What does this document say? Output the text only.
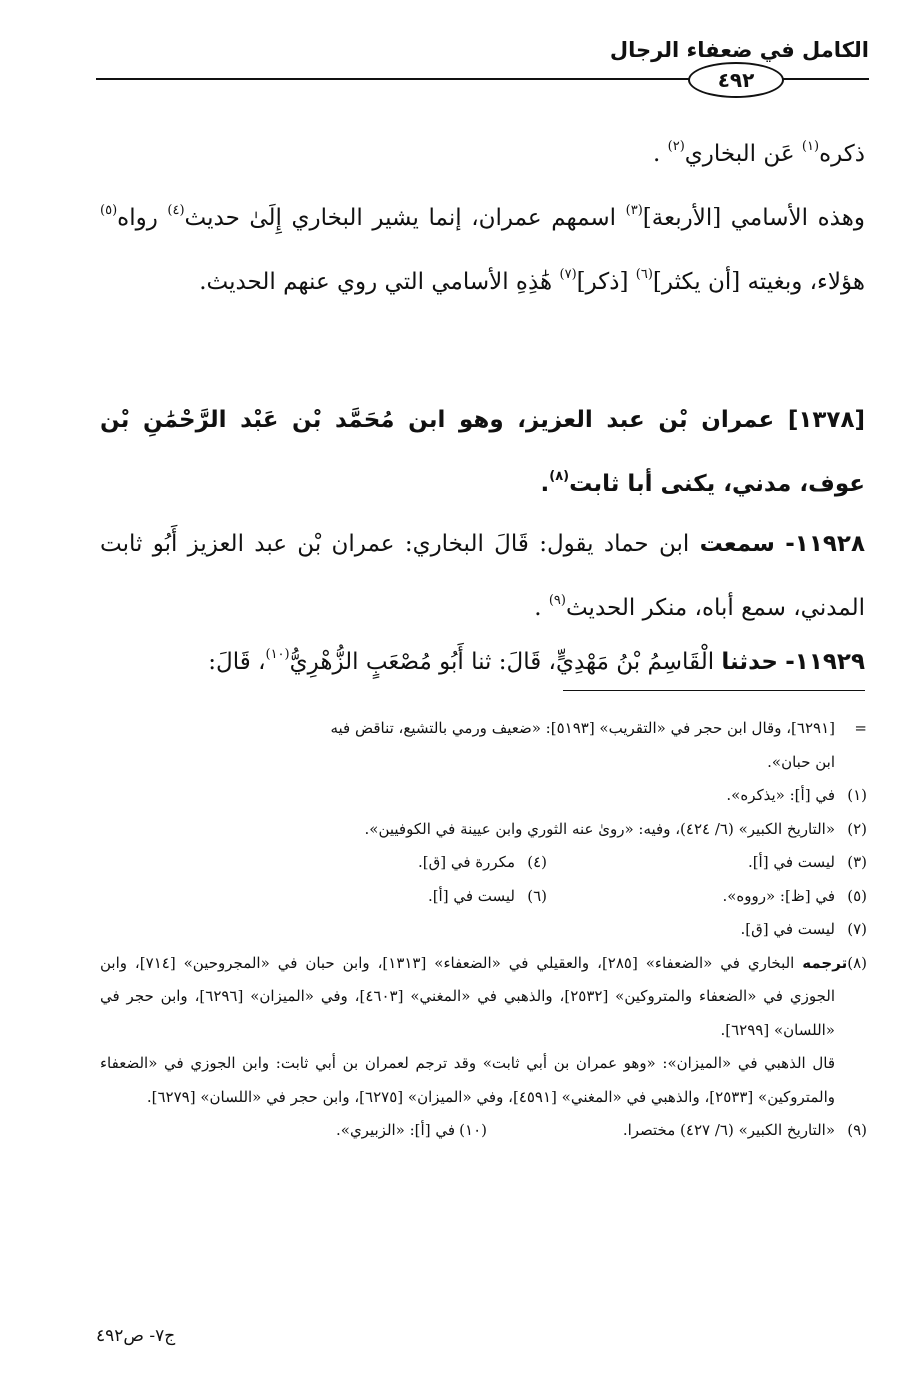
الكامل في ضعفاء الرجال
٤٩٢

ذكره$^{(١)}$ عَن البخاري$^{(٢)}$ .

وهذه الأسامي [الأربعة]$^{(٣)}$ اسمهم عمران، إنما يشير البخاري إِلَىٰ حديث$^{(٤)}$ رواه$^{(٥)}$ هؤلاء، وبغيته [أن يكثر]$^{(٦)}$ [ذكر]$^{(٧)}$ هَٰذِهِ الأسامي التي روي عنهم الحديث.

[١٣٧٨] عمران بْن عبد العزيز، وهو ابن مُحَمَّد بْن عَبْد الرَّحْمَٰنِ بْن عوف، مدني، يكنى أبا ثابت$^{(٨)}$.

١١٩٢٨- سمعت ابن حماد يقول: قَالَ البخاري: عمران بْن عبد العزيز أَبُو ثابت المدني، سمع أباه، منكر الحديث$^{(٩)}$ .

١١٩٢٩- حدثنا الْقَاسِمُ بْنُ مَهْدِيٍّ، قَالَ: ثنا أَبُو مُصْعَبٍ الزُّهْرِيُّ$^{(١٠)}$، قَالَ:

=[٦٢٩١]، وقال ابن حجر في «التقريب» [٥١٩٣]: «ضعيف ورمي بالتشيع، تناقض فيه

ابن حبان».

(١)في [أ]: «يذكره».

(٢)«التاريخ الكبير» (٦/ ٤٢٤)، وفيه: «روىٰ عنه الثوري وابن عيينة في الكوفيين».

(٣)ليست في [أ].
(٤)مكررة في [ق].
(٥)في [ظ]: «رووه».
(٦)ليست في [أ].

(٧)ليست في [ق].

(٨)ترجمه البخاري في «الضعفاء» [٢٨٥]، والعقيلي في «الضعفاء» [١٣١٣]، وابن حبان في «المجروحين» [٧١٤]، وابن الجوزي في «الضعفاء والمتروكين» [٢٥٣٢]، والذهبي في «المغني» [٤٦٠٣]، وفي «الميزان» [٦٢٩٦]، وابن حجر في «اللسان» [٦٢٩٩].

قال الذهبي في «الميزان»: «وهو عمران بن أبي ثابت» وقد ترجم لعمران بن أبي ثابت: وابن الجوزي في «الضعفاء والمتروكين» [٢٥٣٣]، والذهبي في «المغني» [٤٥٩١]، وفي «الميزان» [٦٢٧٥]، وابن حجر في «اللسان» [٦٢٧٩].

(٩)«التاريخ الكبير» (٦/ ٤٢٧) مختصرا.
(١٠)في [أ]: «الزبيري».
ج٧- ص٤٩٢
